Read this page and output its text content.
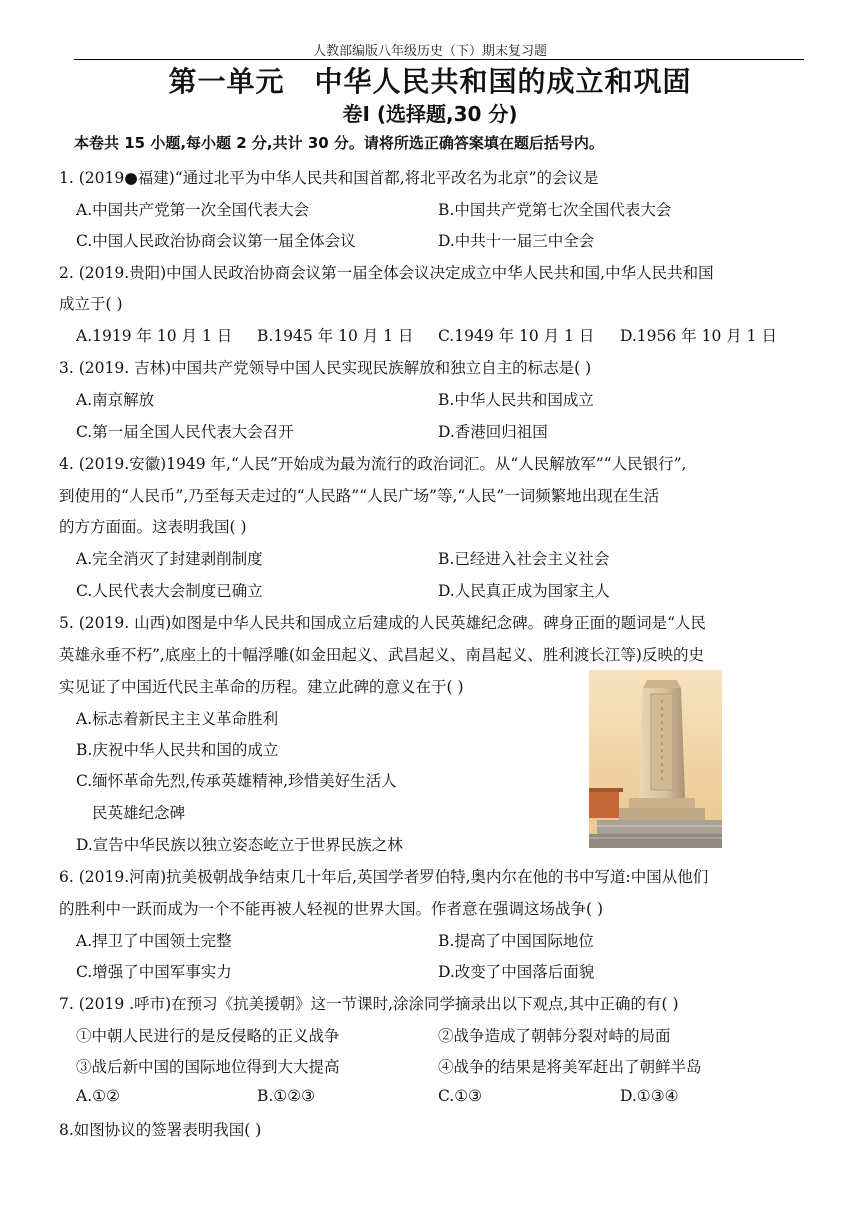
人教部编版八年级历史（下）期末复习题
第一单元 中华人民共和国的成立和巩固
卷Ⅰ (选择题,30 分)
本卷共 15 小题,每小题 2 分,共计 30 分。请将所选正确答案填在题后括号内。
1. (2019●福建)“通过北平为中华人民共和国首都,将北平改名为北京”的会议是
A.中国共产党第一次全国代表大会	B.中国共产党第七次全国代表大会
C.中国人民政治协商会议第一届全体会议	D.中共十一届三中全会
2. (2019.贵阳)中国人民政治协商会议第一届全体会议决定成立中华人民共和国,中华人民共和国
成立于( )
A.1919 年 10 月 1 日 B.1945 年 10 月 1 日 C.1949 年 10 月 1 日 D.1956 年 10 月 1 日
3. (2019. 吉林)中国共产党领导中国人民实现民族解放和独立自主的标志是( )
A.南京解放	B.中华人民共和国成立
C.第一届全国人民代表大会召开	D.香港回归祖国
4. (2019.安徽)1949 年,“人民”开始成为最为流行的政治词汇。从“人民解放军”“人民银行”,
到使用的“人民币”,乃至每天走过的“人民路”“人民广场”等,“人民”一词频繁地出现在生活
的方方面面。这表明我国( )
A.完全消灭了封建剥削制度	B.已经进入社会主义社会
C.人民代表大会制度已确立	D.人民真正成为国家主人
5. (2019. 山西)如图是中华人民共和国成立后建成的人民英雄纪念碑。碑身正面的题词是“人民
英雄永垂不朽”,底座上的十幅浮雕(如金田起义、武昌起义、南昌起义、胜利渡长江等)反映的史
实见证了中国近代民主革命的历程。建立此碑的意义在于( )
A.标志着新民主主义革命胜利
B.庆祝中华人民共和国的成立
C.缅怀革命先烈,传承英雄精神,珍惜美好生活人
民英雄纪念碑
D.宣告中华民族以独立姿态屹立于世界民族之林
6. (2019.河南)抗美极朝战争结束几十年后,英国学者罗伯特,奥内尔在他的书中写道:中国从他们
的胜利中一跃而成为一个不能再被人轻视的世界大国。作者意在强调这场战争( )
A.捍卫了中国领土完整	B.提高了中国国际地位
C.增强了中国军事实力	D.改变了中国落后面貌
7. (2019 .呼市)在预习《抗美援朝》这一节课时,涂涂同学摘录出以下观点,其中正确的有( )
①中朝人民进行的是反侵略的正义战争	②战争造成了朝韩分裂对峙的局面
③战后新中国的国际地位得到大大提高	④战争的结果是将美军赶出了朝鲜半岛
A.①②	B.①②③	C.①③	D.①③④
8.如图协议的签署表明我国( )
